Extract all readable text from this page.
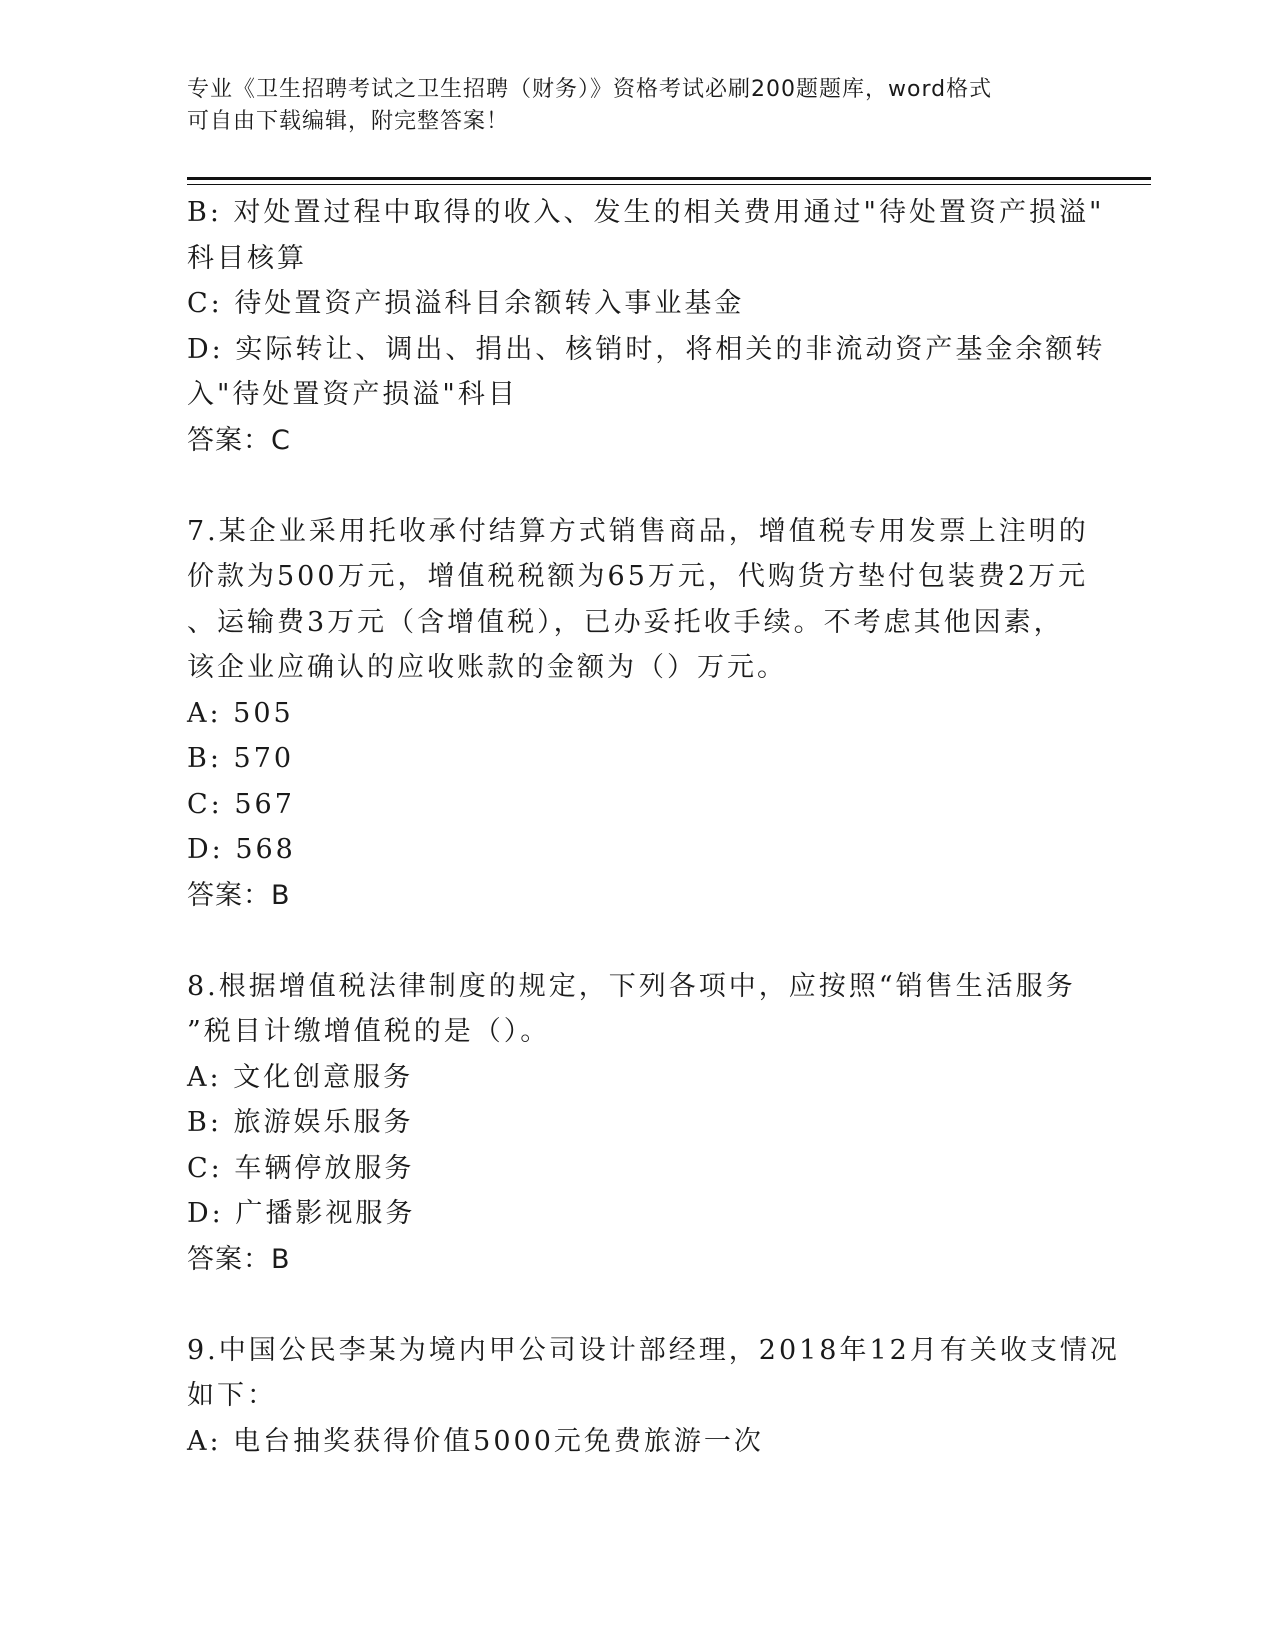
专业《卫生招聘考试之卫生招聘（财务）》资格考试必刷200题题库，word格式
可自由下载编辑，附完整答案！
B: 对处置过程中取得的收入、发生的相关费用通过"待处置资产损溢"
科目核算
C: 待处置资产损溢科目余额转入事业基金
D: 实际转让、调出、捐出、核销时，将相关的非流动资产基金余额转
入"待处置资产损溢"科目
答案：C
7.某企业采用托收承付结算方式销售商品，增值税专用发票上注明的
价款为500万元，增值税税额为65万元，代购货方垫付包装费2万元
、运输费3万元（含增值税），已办妥托收手续。不考虑其他因素，
该企业应确认的应收账款的金额为（）万元。
A: 505
B: 570
C: 567
D: 568
答案：B
8.根据增值税法律制度的规定，下列各项中，应按照“销售生活服务
”税目计缴增值税的是（）。
A: 文化创意服务
B: 旅游娱乐服务
C: 车辆停放服务
D: 广播影视服务
答案：B
9.中国公民李某为境内甲公司设计部经理，2018年12月有关收支情况
如下：
A: 电台抽奖获得价值5000元免费旅游一次
